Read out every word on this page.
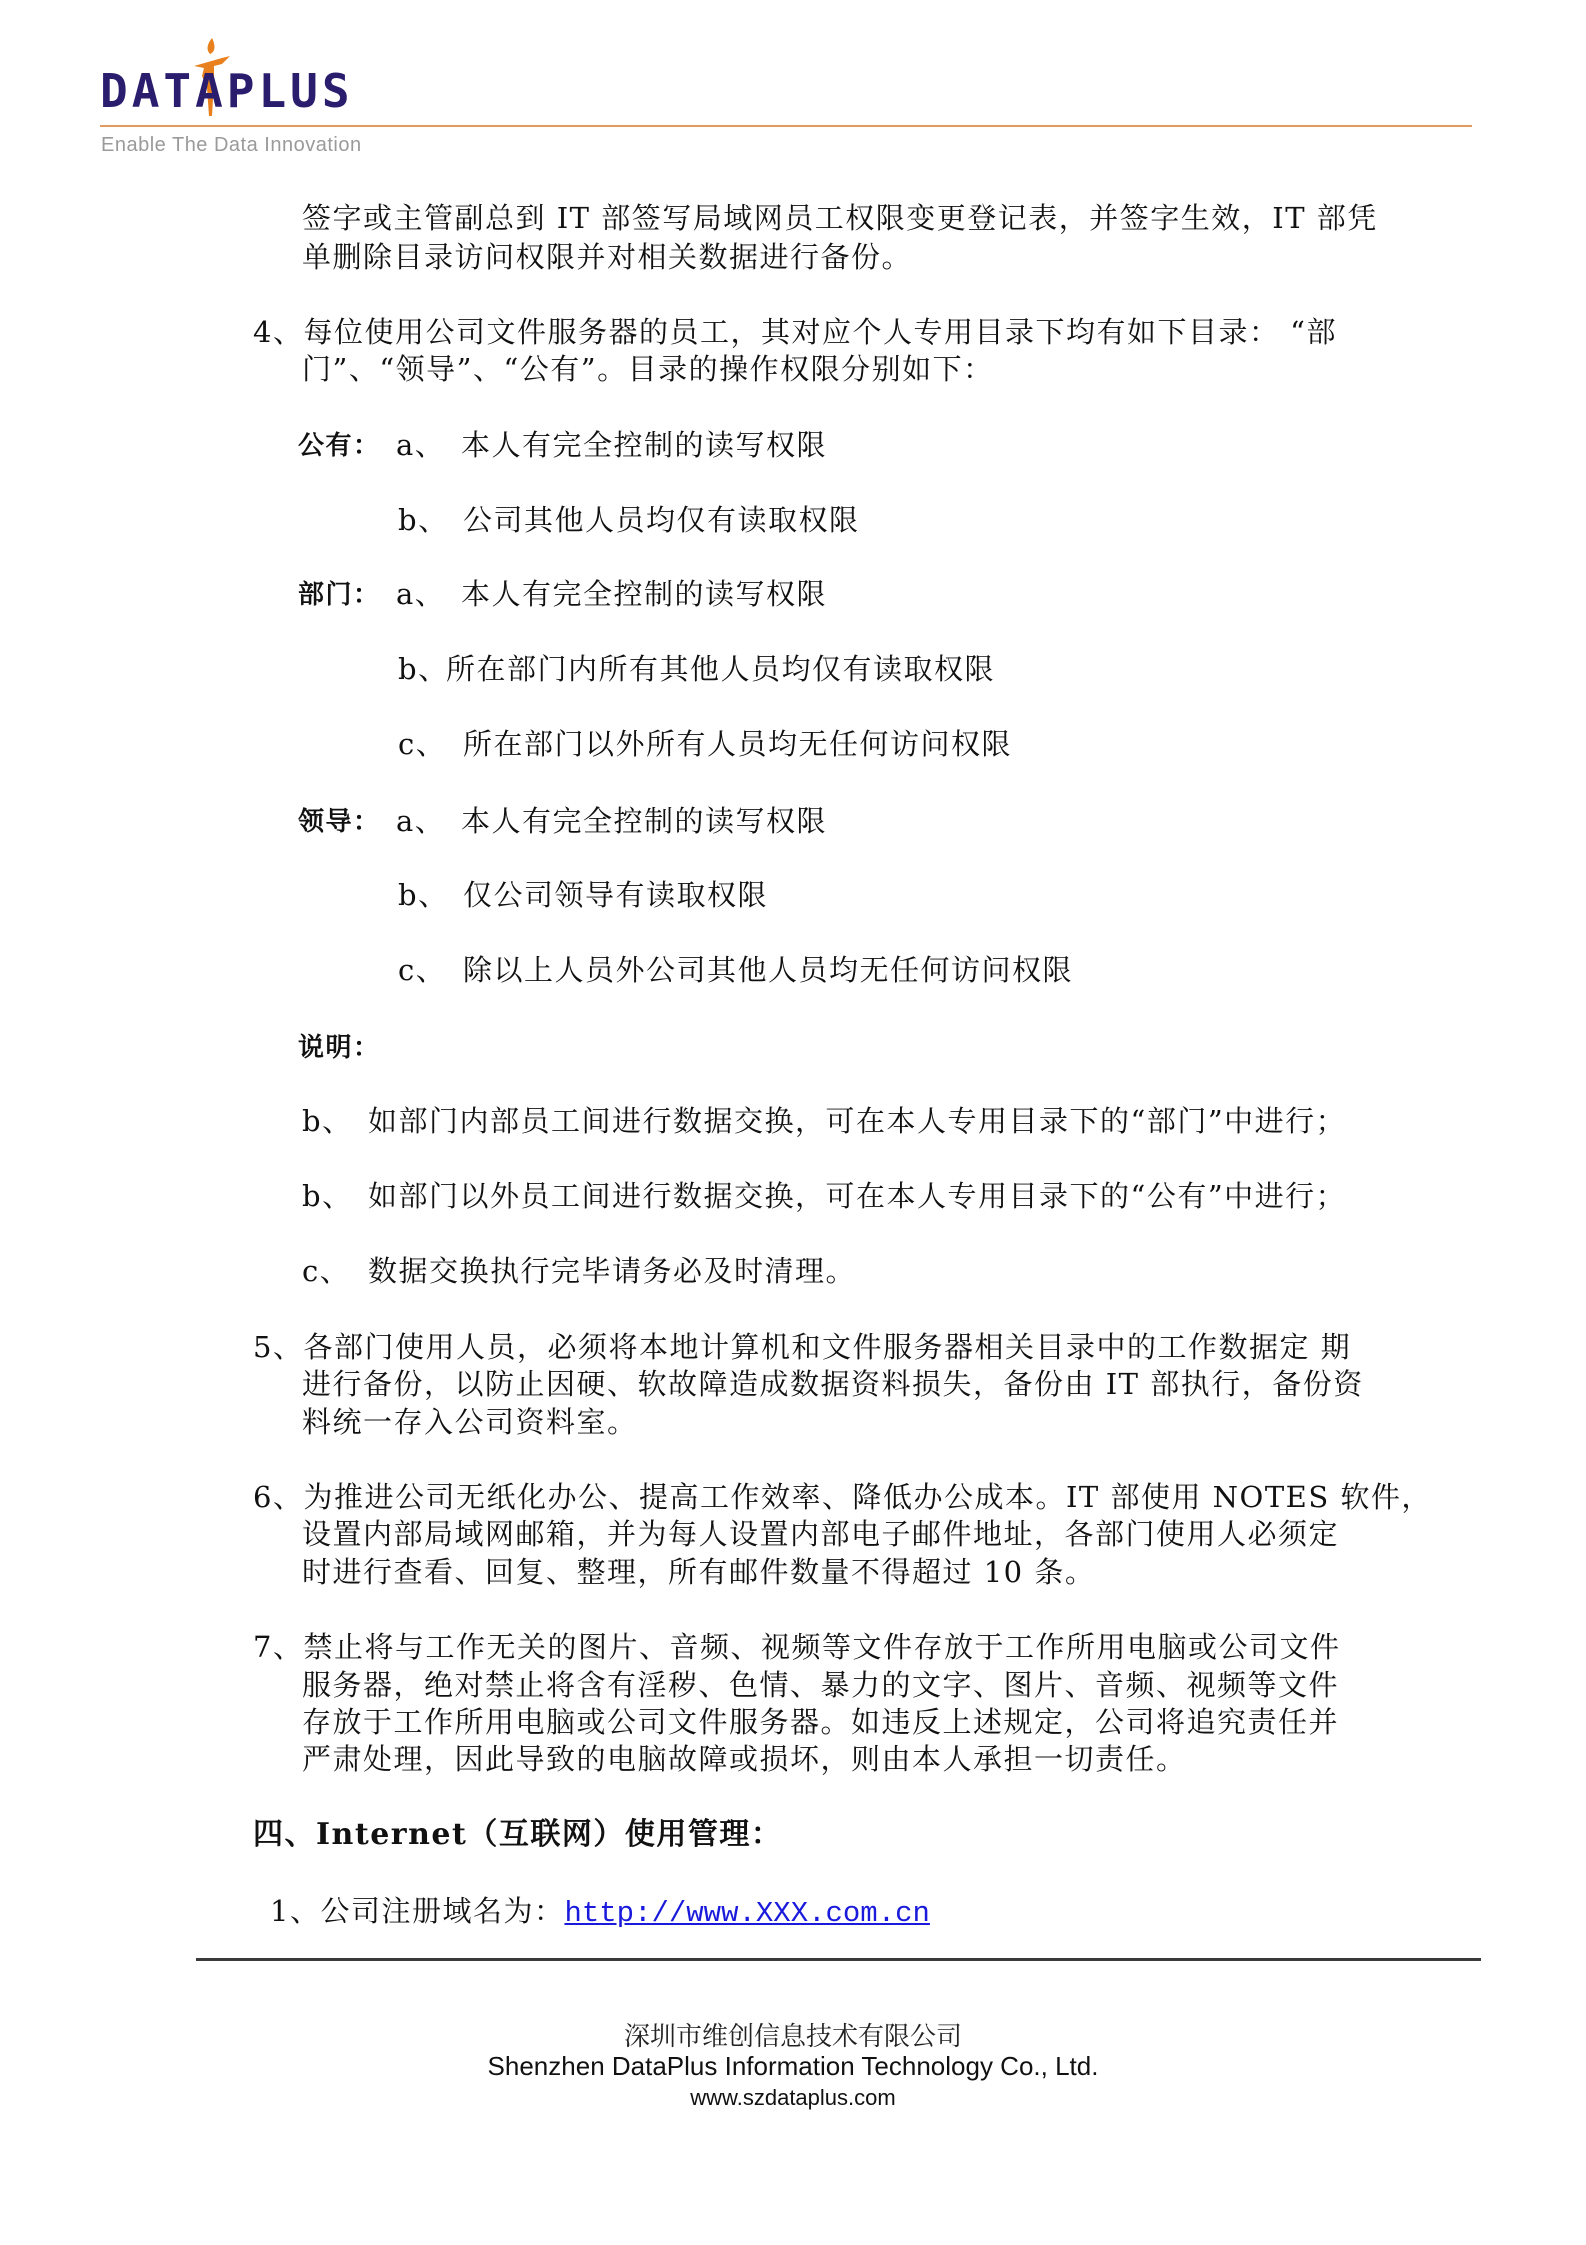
DATAPLUS
Enable The Data Innovation
签字或主管副总到 IT 部签写局域网员工权限变更登记表，并签字生效，IT 部凭
单删除目录访问权限并对相关数据进行备份。
4、每位使用公司文件服务器的员工，其对应个人专用目录下均有如下目录： “部
门”、“领导”、“公有”。目录的操作权限分别如下：
公有： a、 本人有完全控制的读写权限
b、 公司其他人员均仅有读取权限
部门： a、 本人有完全控制的读写权限
b、
所在部门内所有其他人员均仅有读取权限
c、 所在部门以外所有人员均无任何访问权限
领导： a、 本人有完全控制的读写权限
b、 仅公司领导有读取权限
c、 除以上人员外公司其他人员均无任何访问权限
说明：
b、 如部门内部员工间进行数据交换，可在本人专用目录下的“部门”中进行；
b、 如部门以外员工间进行数据交换，可在本人专用目录下的“公有”中进行；
c、 数据交换执行完毕请务必及时清理。
5、各部门使用人员，必须将本地计算机和文件服务器相关目录中的工作数据定 期
进行备份，以防止因硬、软故障造成数据资料损失，备份由 IT 部执行，备份资
料统一存入公司资料室。
6、为推进公司无纸化办公、提高工作效率、降低办公成本。IT 部使用 NOTES 软件，
设置内部局域网邮箱，并为每人设置内部电子邮件地址，各部门使用人必须定
时进行查看、回复、整理，所有邮件数量不得超过 10 条。
7、禁止将与工作无关的图片、音频、视频等文件存放于工作所用电脑或公司文件
服务器，绝对禁止将含有淫秽、色情、暴力的文字、图片、音频、视频等文件
存放于工作所用电脑或公司文件服务器。如违反上述规定，公司将追究责任并
严肃处理，因此导致的电脑故障或损坏，则由本人承担一切责任。
四、Internet（互联网）使用管理：
1、公司注册域名为：http://www.XXX.com.cn
深圳市维创信息技术有限公司
Shenzhen DataPlus Information Technology Co., Ltd.
www.szdataplus.com
